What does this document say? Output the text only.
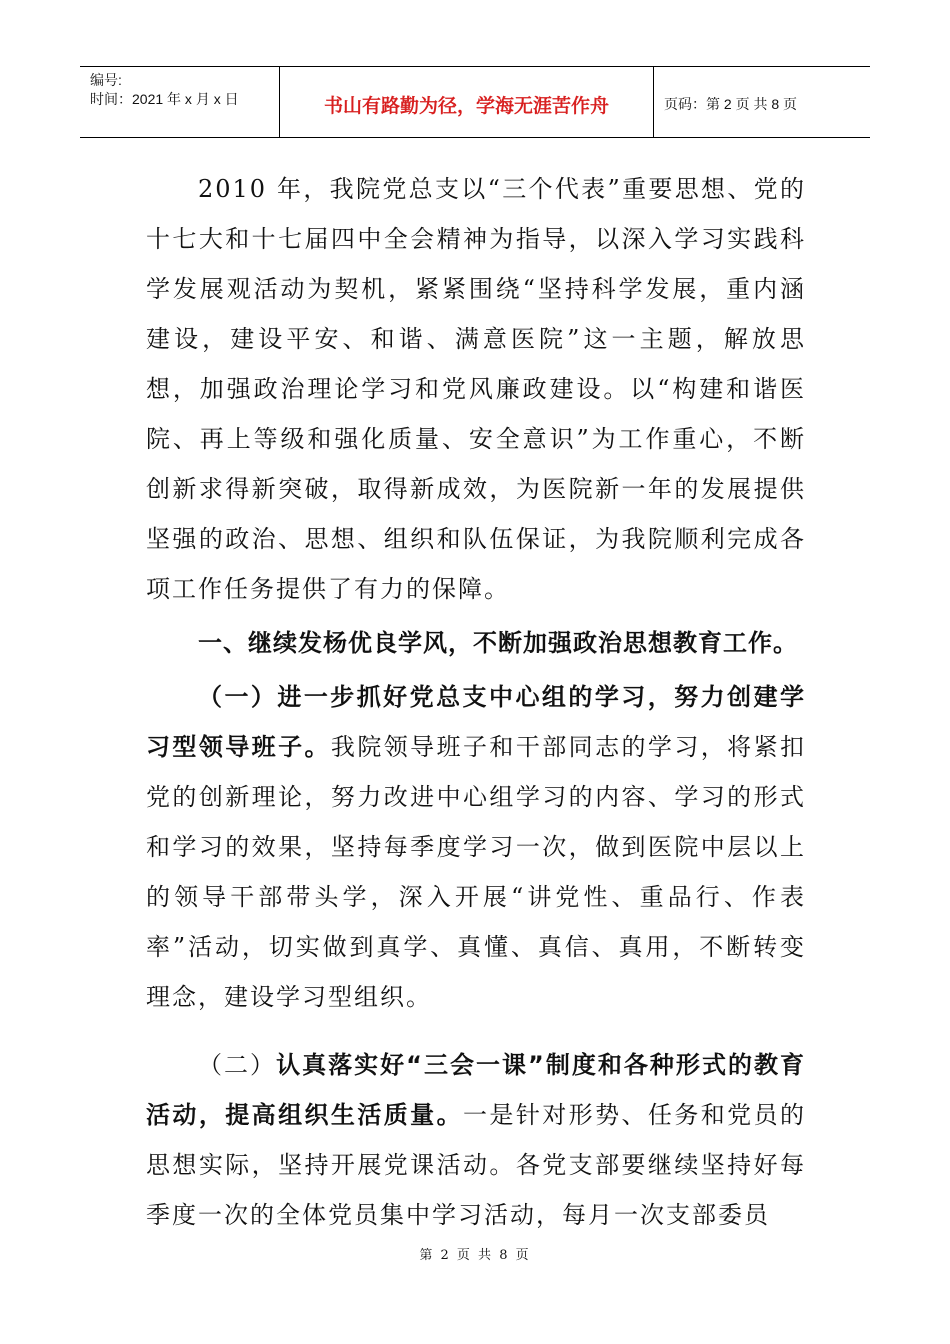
编号:
时间：2021 年 x 月 x 日	书山有路勤为径，学海无涯苦作舟	页码：第 2 页 共 8 页

2010 年，我院党总支以“三个代表”重要思想、党的十七大和十七届四中全会精神为指导，以深入学习实践科学发展观活动为契机，紧紧围绕“坚持科学发展，重内涵建设，建设平安、和谐、满意医院”这一主题，解放思想，加强政治理论学习和党风廉政建设。以“构建和谐医院、再上等级和强化质量、安全意识”为工作重心，不断创新求得新突破，取得新成效，为医院新一年的发展提供坚强的政治、思想、组织和队伍保证，为我院顺利完成各项工作任务提供了有力的保障。

一、继续发杨优良学风，不断加强政治思想教育工作。

（一）进一步抓好党总支中心组的学习，努力创建学习型领导班子。我院领导班子和干部同志的学习，将紧扣党的创新理论，努力改进中心组学习的内容、学习的形式和学习的效果，坚持每季度学习一次，做到医院中层以上的领导干部带头学，深入开展“讲党性、重品行、作表率”活动，切实做到真学、真懂、真信、真用，不断转变理念，建设学习型组织。

（二）认真落实好“三会一课”制度和各种形式的教育活动，提高组织生活质量。一是针对形势、任务和党员的思想实际，坚持开展党课活动。各党支部要继续坚持好每季度一次的全体党员集中学习活动，每月一次支部委员

第 2 页 共 8 页
